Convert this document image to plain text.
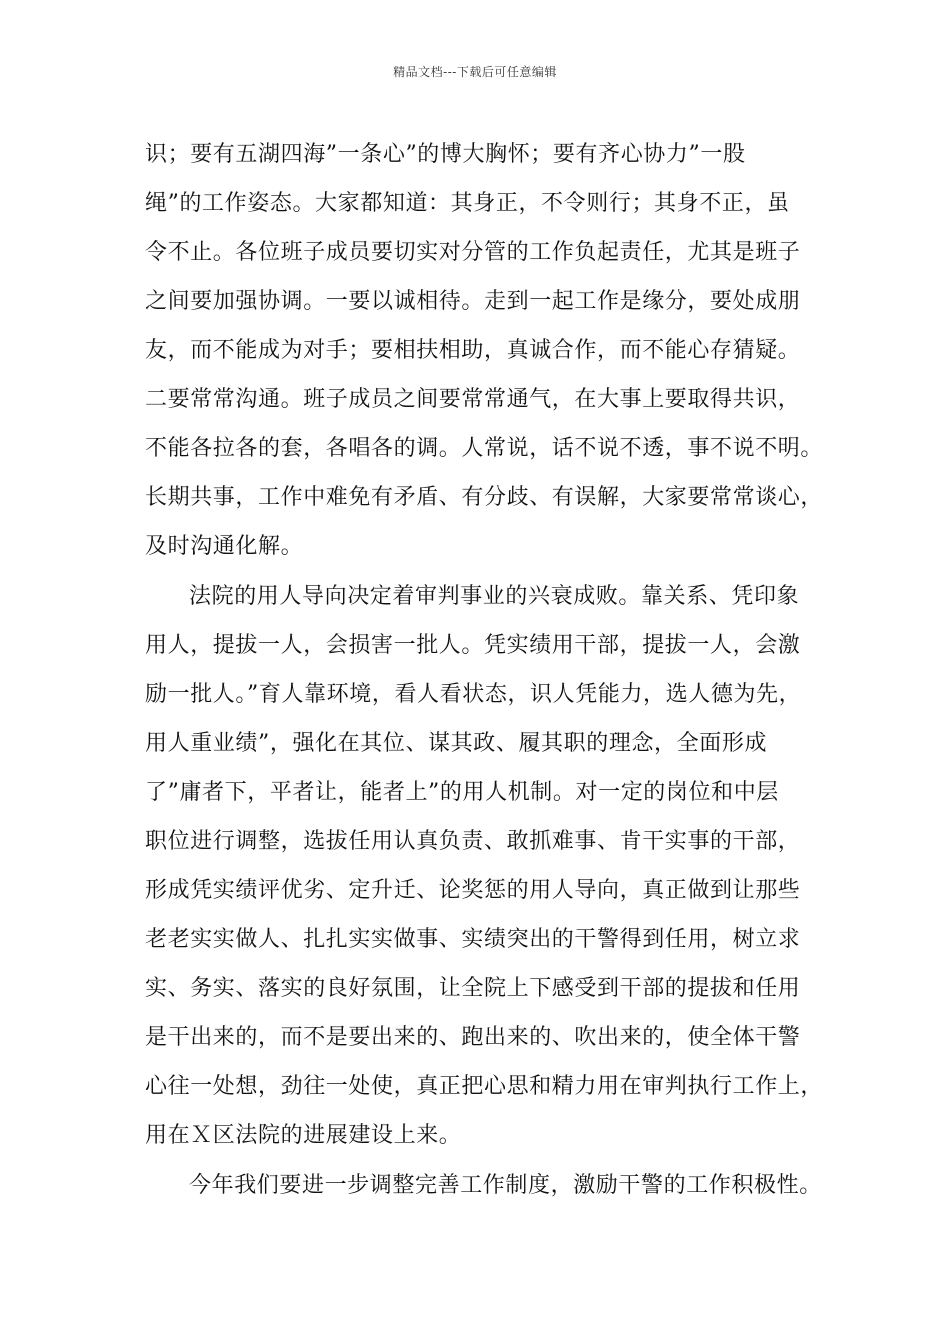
精品文档---下载后可任意编辑
识；要有五湖四海”一条心”的博大胸怀；要有齐心协力”一股
绳”的工作姿态。大家都知道：其身正，不令则行；其身不正，虽
令不止。各位班子成员要切实对分管的工作负起责任，尤其是班子
之间要加强协调。一要以诚相待。走到一起工作是缘分，要处成朋
友，而不能成为对手；要相扶相助，真诚合作，而不能心存猜疑。
二要常常沟通。班子成员之间要常常通气，在大事上要取得共识，
不能各拉各的套，各唱各的调。人常说，话不说不透，事不说不明。
长期共事，工作中难免有矛盾、有分歧、有误解，大家要常常谈心，
及时沟通化解。
法院的用人导向决定着审判事业的兴衰成败。靠关系、凭印象
用人，提拔一人，会损害一批人。凭实绩用干部，提拔一人，会激
励一批人。”育人靠环境，看人看状态，识人凭能力，选人德为先，
用人重业绩”，强化在其位、谋其政、履其职的理念，全面形成
了”庸者下，平者让，能者上”的用人机制。对一定的岗位和中层
职位进行调整，选拔任用认真负责、敢抓难事、肯干实事的干部，
形成凭实绩评优劣、定升迁、论奖惩的用人导向，真正做到让那些
老老实实做人、扎扎实实做事、实绩突出的干警得到任用，树立求
实、务实、落实的良好氛围，让全院上下感受到干部的提拔和任用
是干出来的，而不是要出来的、跑出来的、吹出来的，使全体干警
心往一处想，劲往一处使，真正把心思和精力用在审判执行工作上，
用在Ｘ区法院的进展建设上来。
今年我们要进一步调整完善工作制度，激励干警的工作积极性。
